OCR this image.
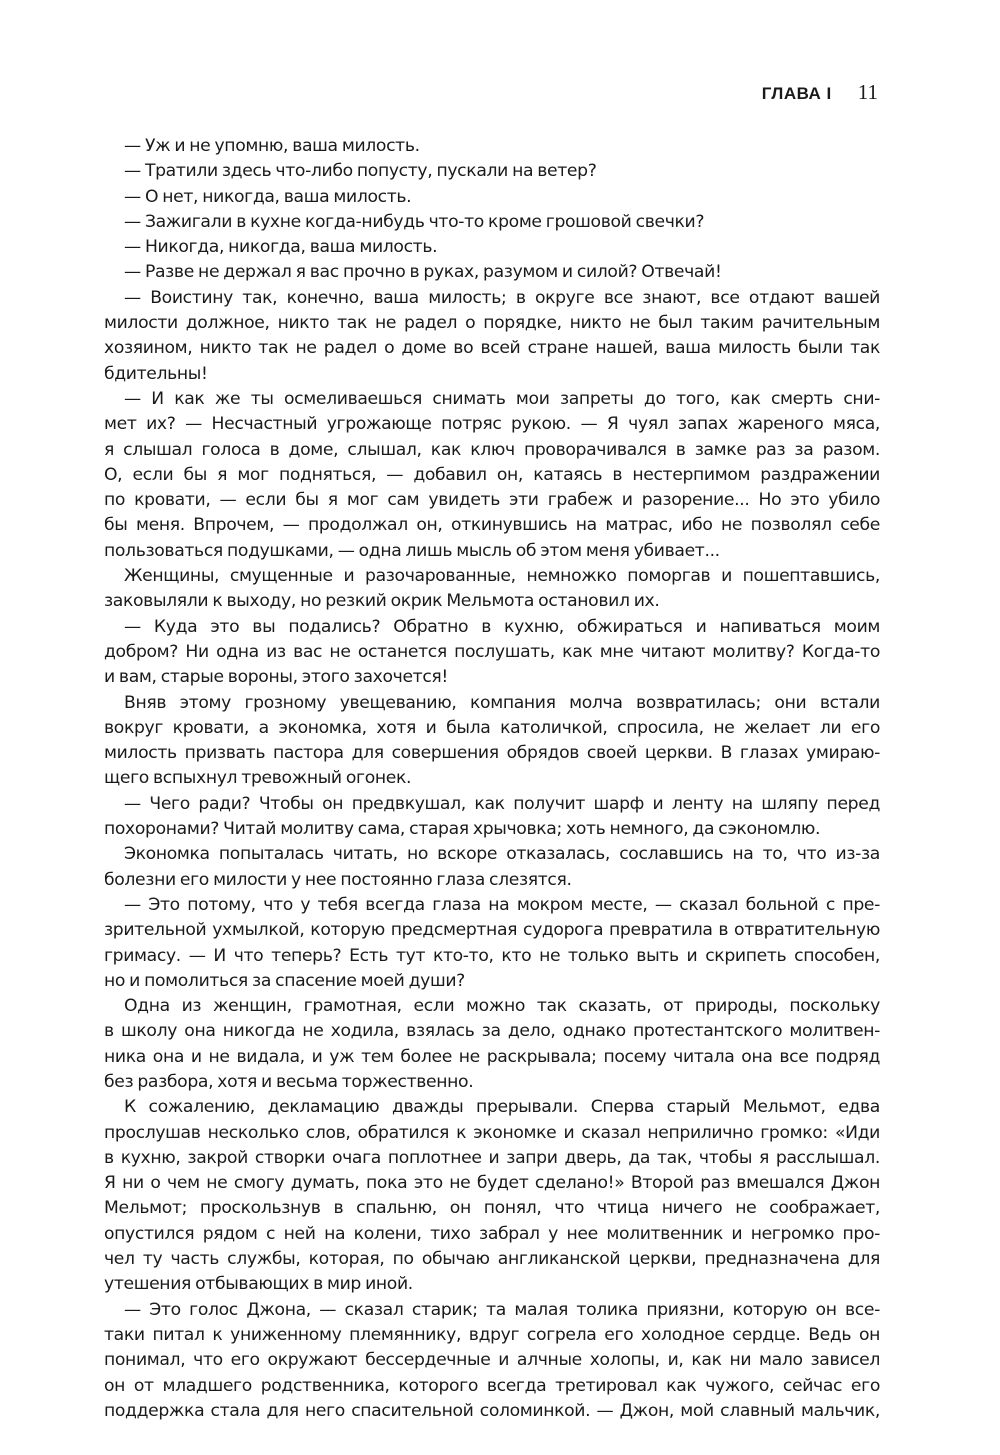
ГЛАВА I 11
— Уж и не упомню, ваша милость.
— Тратили здесь что-либо попусту, пускали на ветер?
— О нет, никогда, ваша милость.
— Зажигали в кухне когда-нибудь что-то кроме грошовой свечки?
— Никогда, никогда, ваша милость.
— Разве не держал я вас прочно в руках, разумом и силой? Отвечай!
— Воистину так, конечно, ваша милость; в округе все знают, все отдают вашей
милости должное, никто так не радел о порядке, никто не был таким рачительным
хозяином, никто так не радел о доме во всей стране нашей, ваша милость были так
бдительны!
— И как же ты осмеливаешься снимать мои запреты до того, как смерть сни-
мет их? — Несчастный угрожающе потряс рукою. — Я чуял запах жареного мяса,
я слышал голоса в доме, слышал, как ключ проворачивался в замке раз за разом.
О, если бы я мог подняться, — добавил он, катаясь в нестерпимом раздражении
по кровати, — если бы я мог сам увидеть эти грабеж и разорение... Но это убило
бы меня. Впрочем, — продолжал он, откинувшись на матрас, ибо не позволял себе
пользоваться подушками, — одна лишь мысль об этом меня убивает...
Женщины, смущенные и разочарованные, немножко поморгав и пошептавшись,
заковыляли к выходу, но резкий окрик Мельмота остановил их.
— Куда это вы подались? Обратно в кухню, обжираться и напиваться моим
добром? Ни одна из вас не останется послушать, как мне читают молитву? Когда-то
и вам, старые вороны, этого захочется!
Вняв этому грозному увещеванию, компания молча возвратилась; они встали
вокруг кровати, а экономка, хотя и была католичкой, спросила, не желает ли его
милость призвать пастора для совершения обрядов своей церкви. В глазах умираю-
щего вспыхнул тревожный огонек.
— Чего ради? Чтобы он предвкушал, как получит шарф и ленту на шляпу перед
похоронами? Читай молитву сама, старая хрычовка; хоть немного, да сэкономлю.
Экономка попыталась читать, но вскоре отказалась, сославшись на то, что из-за
болезни его милости у нее постоянно глаза слезятся.
— Это потому, что у тебя всегда глаза на мокром месте, — сказал больной с пре-
зрительной ухмылкой, которую предсмертная судорога превратила в отвратительную
гримасу. — И что теперь? Есть тут кто-то, кто не только выть и скрипеть способен,
но и помолиться за спасение моей души?
Одна из женщин, грамотная, если можно так сказать, от природы, поскольку
в школу она никогда не ходила, взялась за дело, однако протестантского молитвен-
ника она и не видала, и уж тем более не раскрывала; посему читала она все подряд
без разбора, хотя и весьма торжественно.
К сожалению, декламацию дважды прерывали. Сперва старый Мельмот, едва
прослушав несколько слов, обратился к экономке и сказал неприлично громко: «Иди
в кухню, закрой створки очага поплотнее и запри дверь, да так, чтобы я расслышал.
Я ни о чем не смогу думать, пока это не будет сделано!» Второй раз вмешался Джон
Мельмот; проскользнув в спальню, он понял, что чтица ничего не соображает,
опустился рядом с ней на колени, тихо забрал у нее молитвенник и негромко про-
чел ту часть службы, которая, по обычаю англиканской церкви, предназначена для
утешения отбывающих в мир иной.
— Это голос Джона, — сказал старик; та малая толика приязни, которую он все-
таки питал к униженному племяннику, вдруг согрела его холодное сердце. Ведь он
понимал, что его окружают бессердечные и алчные холопы, и, как ни мало зависел
он от младшего родственника, которого всегда третировал как чужого, сейчас его
поддержка стала для него спасительной соломинкой. — Джон, мой славный мальчик,
